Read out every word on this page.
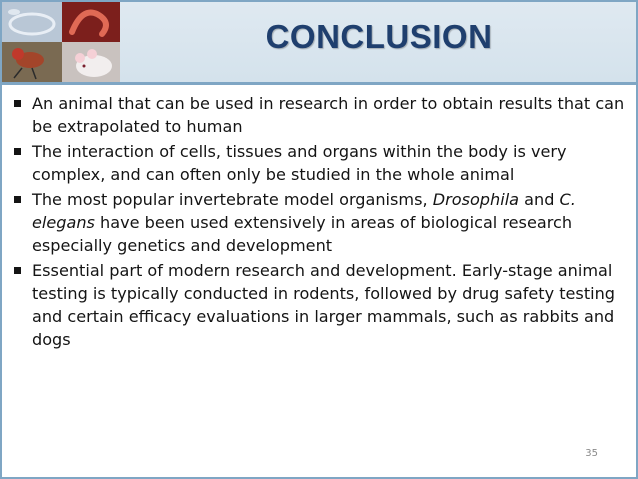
CONCLUSION
An animal that can be used in research in order to obtain results that can be extrapolated to human
The interaction of cells, tissues and organs within the body is very complex, and can often only be studied in the whole animal
The most popular invertebrate model organisms, Drosophila and C. elegans have been used extensively in areas of biological research especially genetics and development
Essential part of modern research and development. Early-stage animal testing is typically conducted in rodents, followed by drug safety testing and certain efficacy evaluations in larger mammals, such as rabbits and dogs
35
